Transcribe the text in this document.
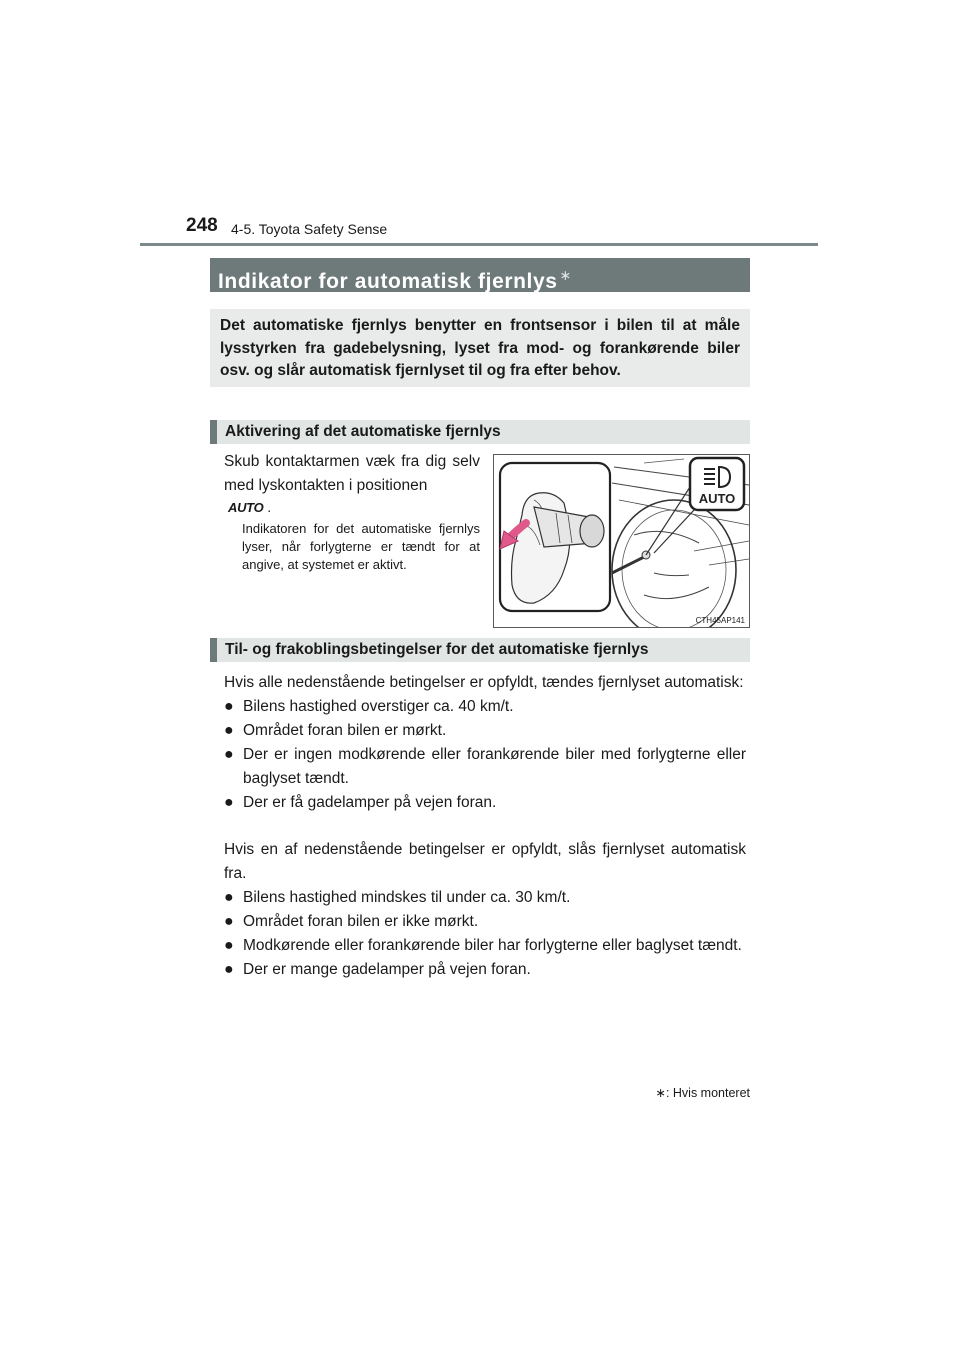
248 4-5. Toyota Safety Sense
Indikator for automatisk fjernlys ∗
Det automatiske fjernlys benytter en frontsensor i bilen til at måle lysstyrken fra gadebelysning, lyset fra mod- og forankørende biler osv. og slår automatisk fjernlyset til og fra efter behov.
Aktivering af det automatiske fjernlys
Skub kontaktarmen væk fra dig selv med lyskontakten i positionen
AUTO .
Indikatoren for det automatiske fjernlys lyser, når forlygterne er tændt for at angive, at systemet er aktivt.
AUTO
CTH45AP141
Til- og frakoblingsbetingelser for det automatiske fjernlys

Hvis alle nedenstående betingelser er opfyldt, tændes fjernlyset automatisk:

● Bilens hastighed overstiger ca. 40 km/t.
● Området foran bilen er mørkt.
● Der er ingen modkørende eller forankørende biler med forlygterne eller baglyset tændt.
● Der er få gadelamper på vejen foran.

Hvis en af nedenstående betingelser er opfyldt, slås fjernlyset automatisk fra.

● Bilens hastighed mindskes til under ca. 30 km/t.
● Området foran bilen er ikke mørkt.
● Modkørende eller forankørende biler har forlygterne eller baglyset tændt.
● Der er mange gadelamper på vejen foran.
∗: Hvis monteret
